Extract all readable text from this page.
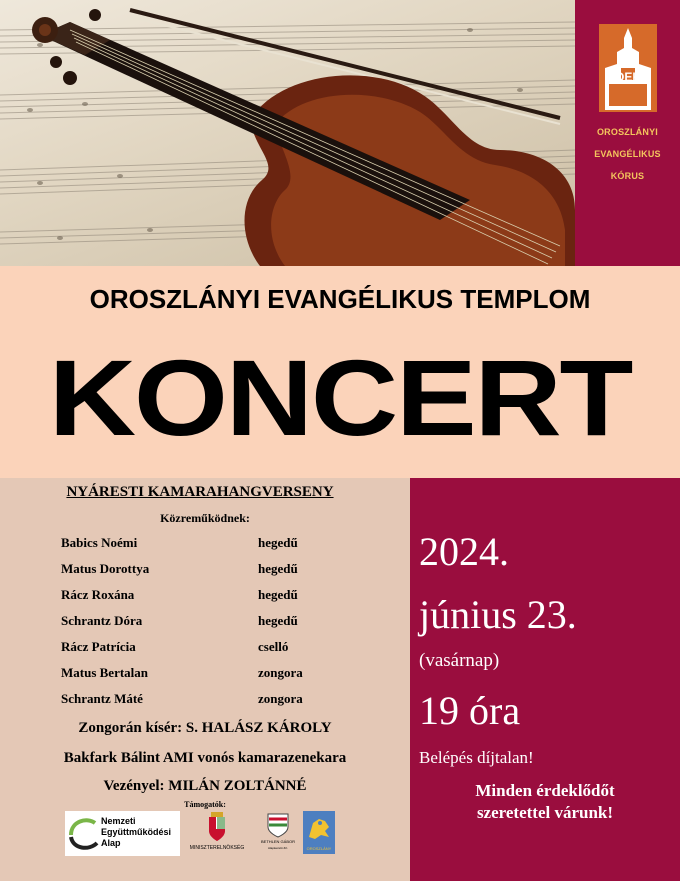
OEK
OROSZLÁNYI
EVANGÉLIKUS
KÓRUS
OROSZLÁNYI EVANGÉLIKUS TEMPLOM
KONCERT
NYÁRESTI KAMARAHANGVERSENY
Közreműködnek:
Babics Noémi	hegedű
Matus Dorottya	hegedű
Rácz Roxána	hegedű
Schrantz Dóra	hegedű
Rácz Patrícia	cselló
Matus Bertalan	zongora
Schrantz Máté	zongora
Zongorán kísér: S. HALÁSZ KÁROLY
Bakfark Bálint AMI vonós kamarazenekara
Vezényel: MILÁN ZOLTÁNNÉ
Támogatók:
Nemzeti
Együttműködési
Alap	MINISZTERELNÖKSÉG
BETHLEN GÁBOR
Alapkezelő Zrt.	OROSZLÁNY
2024.
június 23.
(vasárnap)
19 óra
Belépés díjtalan!
Minden érdeklődőt
szeretettel várunk!
